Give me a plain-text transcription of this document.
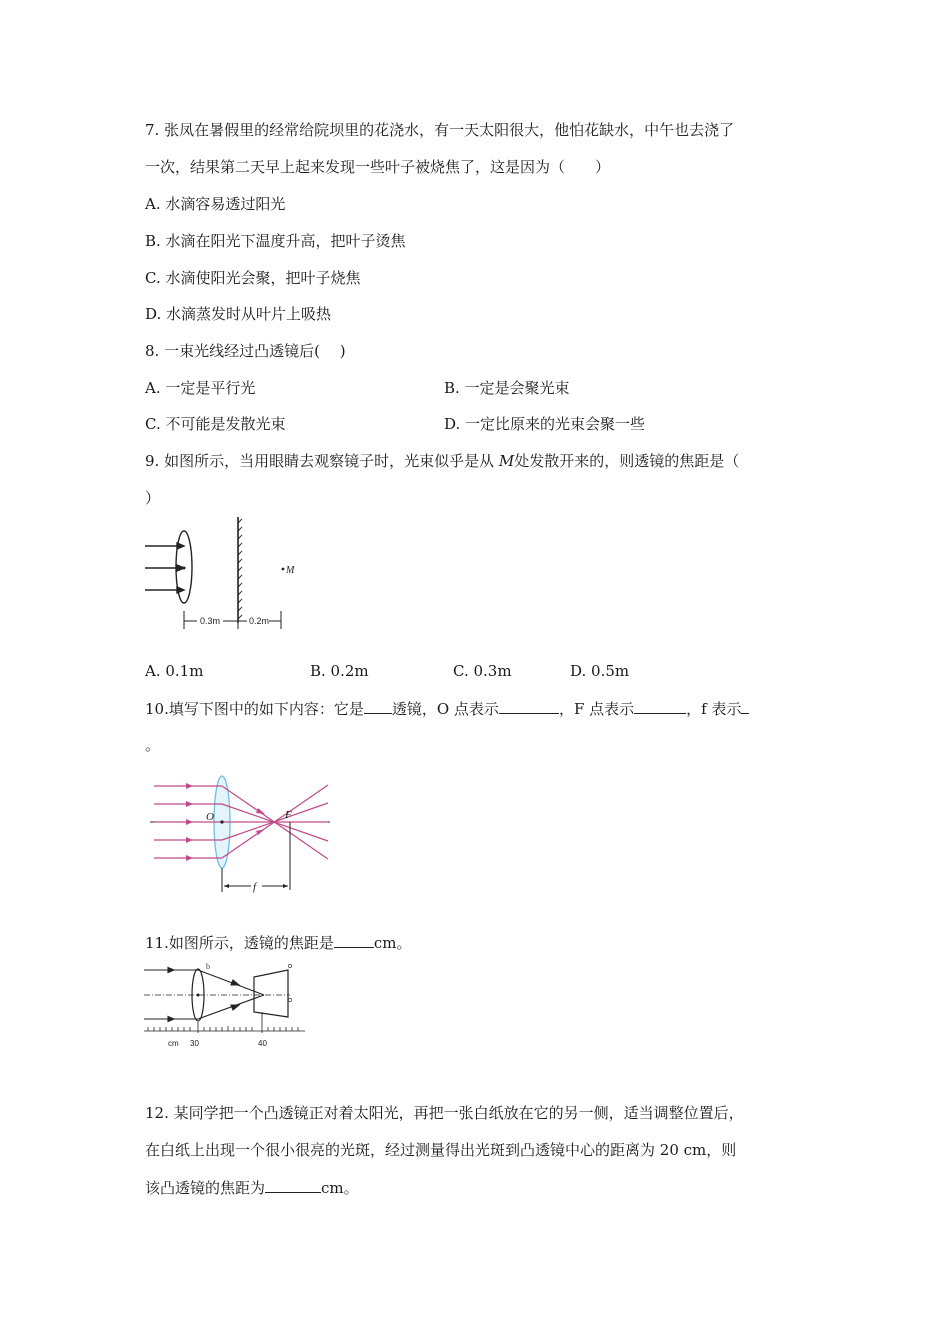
7. 张凤在暑假里的经常给院坝里的花浇水，有一天太阳很大，他怕花缺水，中午也去浇了
一次，结果第二天早上起来发现一些叶子被烧焦了，这是因为（　　）
A. 水滴容易透过阳光
B. 水滴在阳光下温度升高，把叶子烫焦
C. 水滴使阳光会聚，把叶子烧焦
D. 水滴蒸发时从叶片上吸热
8. 一束光线经过凸透镜后(　 )
A. 一定是平行光	B. 一定是会聚光束
C. 不可能是发散光束	D. 一定比原来的光束会聚一些
9. 如图所示，当用眼睛去观察镜子时，光束似乎是从 M处发散开来的，则透镜的焦距是（
）
M
0.3m	0.2m
A. 0.1m	B. 0.2m	C. 0.3m	D. 0.5m
10.填写下图中的如下内容：它是 透镜，O 点表示	，F 点表示	，f 表示
。
O	F
f
11.如图所示，透镜的焦距是	cm。
b
cm 30	40
12. 某同学把一个凸透镜正对着太阳光，再把一张白纸放在它的另一侧，适当调整位置后，
在白纸上出现一个很小很亮的光斑，经过测量得出光斑到凸透镜中心的距离为 20 cm，则
该凸透镜的焦距为	cm。
